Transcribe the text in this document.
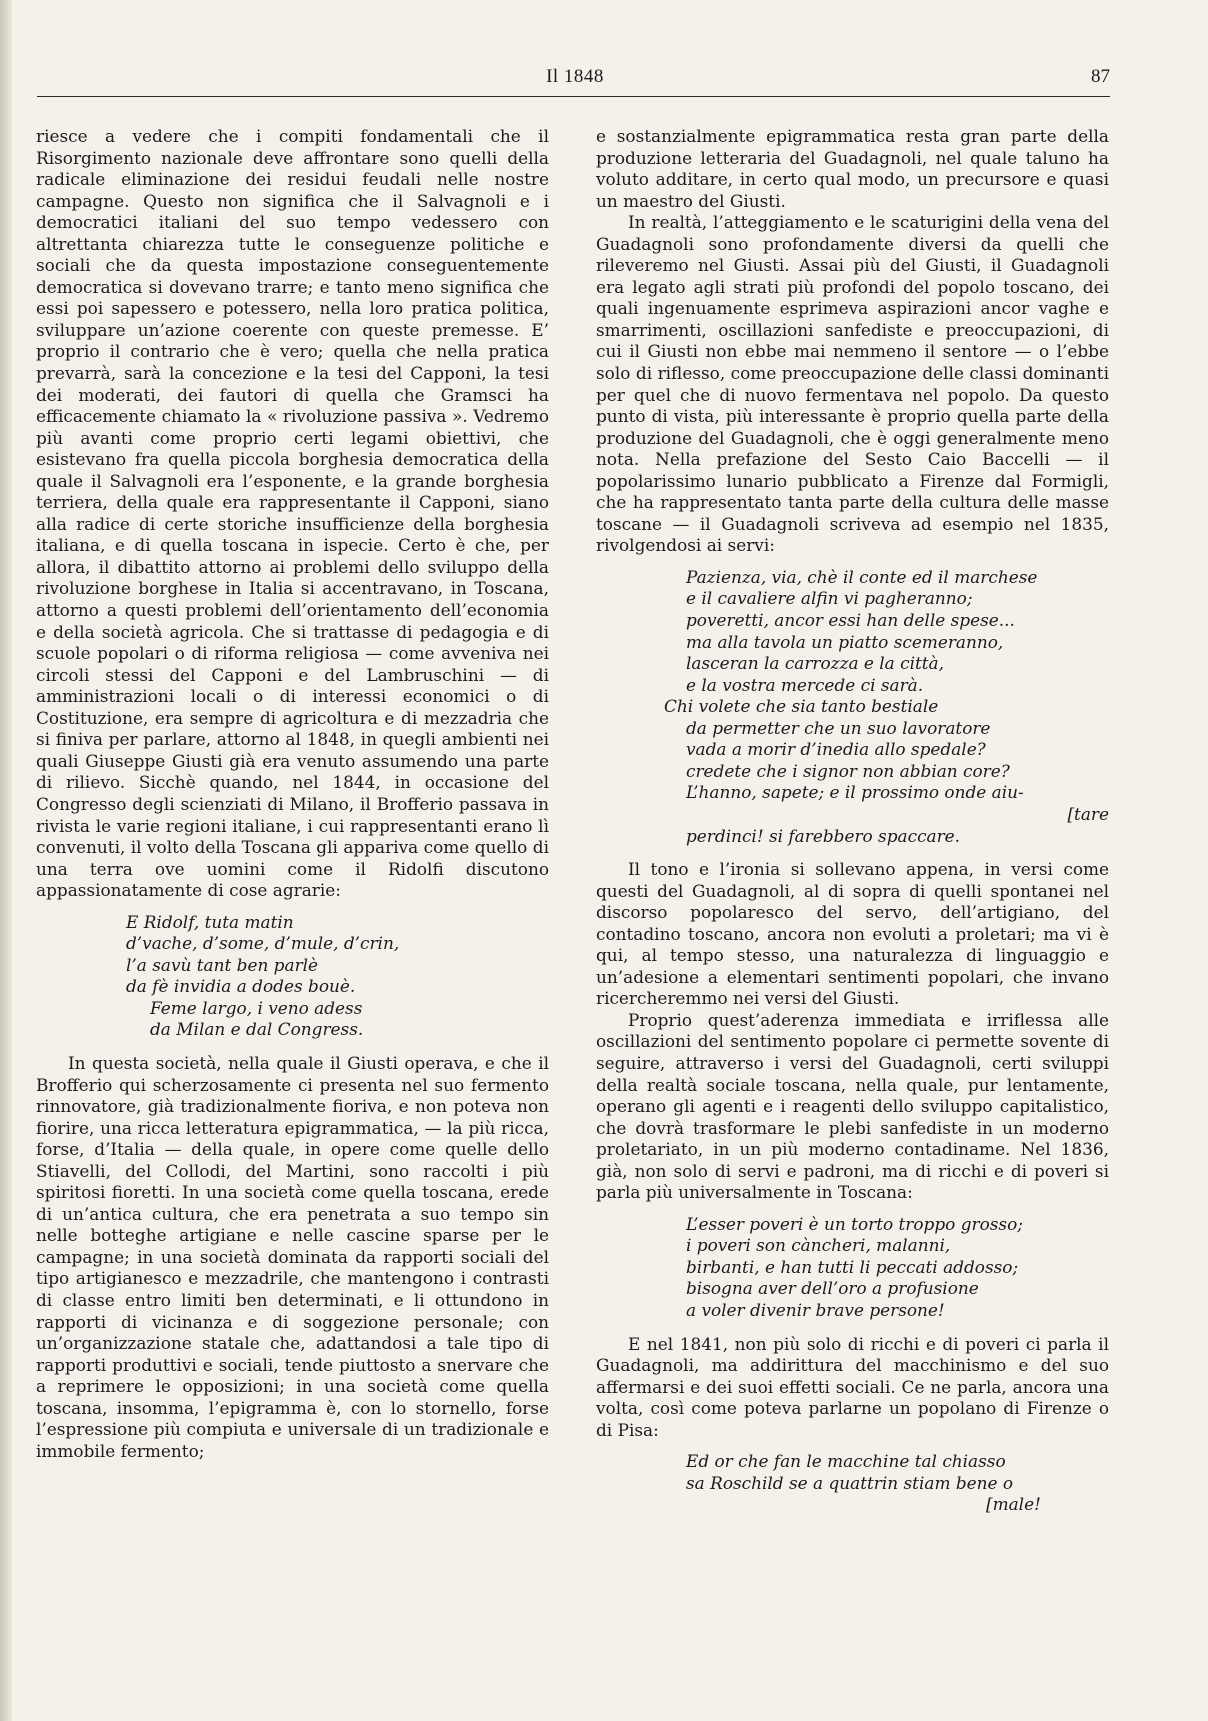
Il 1848	87

riesce a vedere che i compiti fondamentali che il Risorgimento nazionale deve affrontare sono quelli della radicale eliminazione dei residui feudali nelle nostre campagne. Questo non significa che il Salvagnoli e i democratici italiani del suo tempo vedessero con altrettanta chiarezza tutte le conseguenze politiche e sociali che da questa impostazione conseguentemente democratica si dovevano trarre; e tanto meno significa che essi poi sapessero e potessero, nella loro pratica politica, sviluppare un’azione coerente con queste premesse. E’ proprio il contrario che è vero; quella che nella pratica prevarrà, sarà la concezione e la tesi del Capponi, la tesi dei moderati, dei fautori di quella che Gramsci ha efficacemente chiamato la « rivoluzione passiva ». Vedremo più avanti come proprio certi legami obiettivi, che esistevano fra quella piccola borghesia democratica della quale il Salvagnoli era l’esponente, e la grande borghesia terriera, della quale era rappresentante il Capponi, siano alla radice di certe storiche insufficienze della borghesia italiana, e di quella toscana in ispecie. Certo è che, per allora, il dibattito attorno ai problemi dello sviluppo della rivoluzione borghese in Italia si accentravano, in Toscana, attorno a questi problemi dell’orientamento dell’economia e della società agricola. Che si trattasse di pedagogia e di scuole popolari o di riforma religiosa — come avveniva nei circoli stessi del Capponi e del Lambruschini — di amministrazioni locali o di interessi economici o di Costituzione, era sempre di agricoltura e di mezzadria che si finiva per parlare, attorno al 1848, in quegli ambienti nei quali Giuseppe Giusti già era venuto assumendo una parte di rilievo. Sicchè quando, nel 1844, in occasione del Congresso degli scienziati di Milano, il Brofferio passava in rivista le varie regioni italiane, i cui rappresentanti erano lì convenuti, il volto della Toscana gli appariva come quello di una terra ove uomini come il Ridolfi discutono appassionatamente di cose agrarie:

E Ridolf, tuta matin
d’vache, d’some, d’mule, d’crin,
l’a savù tant ben parlè
da fè invidia a dodes bouè.
Feme largo, i veno adess
da Milan e dal Congress.

In questa società, nella quale il Giusti operava, e che il Brofferio qui scherzosamente ci presenta nel suo fermento rinnovatore, già tradizionalmente fioriva, e non poteva non fiorire, una ricca letteratura epigrammatica, — la più ricca, forse, d’Italia — della quale, in opere come quelle dello Stiavelli, del Collodi, del Martini, sono raccolti i più spiritosi fioretti. In una società come quella toscana, erede di un’antica cultura, che era penetrata a suo tempo sin nelle botteghe artigiane e nelle cascine sparse per le campagne; in una società dominata da rapporti sociali del tipo artigianesco e mezzadrile, che mantengono i contrasti di classe entro limiti ben determinati, e li ottundono in rapporti di vicinanza e di soggezione personale; con un’organizzazione statale che, adattandosi a tale tipo di rapporti produttivi e sociali, tende piuttosto a snervare che a reprimere le opposizioni; in una società come quella toscana, insomma, l’epigramma è, con lo stornello, forse l’espressione più compiuta e universale di un tradizionale e immobile fermento;

e sostanzialmente epigrammatica resta gran parte della produzione letteraria del Guadagnoli, nel quale taluno ha voluto additare, in certo qual modo, un precursore e quasi un maestro del Giusti.

In realtà, l’atteggiamento e le scaturigini della vena del Guadagnoli sono profondamente diversi da quelli che rileveremo nel Giusti. Assai più del Giusti, il Guadagnoli era legato agli strati più profondi del popolo toscano, dei quali ingenuamente esprimeva aspirazioni ancor vaghe e smarrimenti, oscillazioni sanfediste e preoccupazioni, di cui il Giusti non ebbe mai nemmeno il sentore — o l’ebbe solo di riflesso, come preoccupazione delle classi dominanti per quel che di nuovo fermentava nel popolo. Da questo punto di vista, più interessante è proprio quella parte della produzione del Guadagnoli, che è oggi generalmente meno nota. Nella prefazione del Sesto Caio Baccelli — il popolarissimo lunario pubblicato a Firenze dal Formigli, che ha rappresentato tanta parte della cultura delle masse toscane — il Guadagnoli scriveva ad esempio nel 1835, rivolgendosi ai servi:

Pazienza, via, chè il conte ed il marchese
e il cavaliere alfin vi pagheranno;
poveretti, ancor essi han delle spese...
ma alla tavola un piatto scemeranno,
lasceran la carrozza e la città,
e la vostra mercede ci sarà.
Chi volete che sia tanto bestiale
da permetter che un suo lavoratore
vada a morir d’inedia allo spedale?
credete che i signor non abbian core?
L’hanno, sapete; e il prossimo onde aiu-
[tare
perdinci! si farebbero spaccare.

Il tono e l’ironia si sollevano appena, in versi come questi del Guadagnoli, al di sopra di quelli spontanei nel discorso popolaresco del servo, dell’artigiano, del contadino toscano, ancora non evoluti a proletari; ma vi è qui, al tempo stesso, una naturalezza di linguaggio e un’adesione a elementari sentimenti popolari, che invano ricercheremmo nei versi del Giusti.

Proprio quest’aderenza immediata e irriflessa alle oscillazioni del sentimento popolare ci permette sovente di seguire, attraverso i versi del Guadagnoli, certi sviluppi della realtà sociale toscana, nella quale, pur lentamente, operano gli agenti e i reagenti dello sviluppo capitalistico, che dovrà trasformare le plebi sanfediste in un moderno proletariato, in un più moderno contadiname. Nel 1836, già, non solo di servi e padroni, ma di ricchi e di poveri si parla più universalmente in Toscana:

L’esser poveri è un torto troppo grosso;
i poveri son càncheri, malanni,
birbanti, e han tutti li peccati addosso;
bisogna aver dell’oro a profusione
a voler divenir brave persone!

E nel 1841, non più solo di ricchi e di poveri ci parla il Guadagnoli, ma addirittura del macchinismo e del suo affermarsi e dei suoi effetti sociali. Ce ne parla, ancora una volta, così come poteva parlarne un popolano di Firenze o di Pisa:

Ed or che fan le macchine tal chiasso
sa Roschild se a quattrin stiam bene o
[male!
